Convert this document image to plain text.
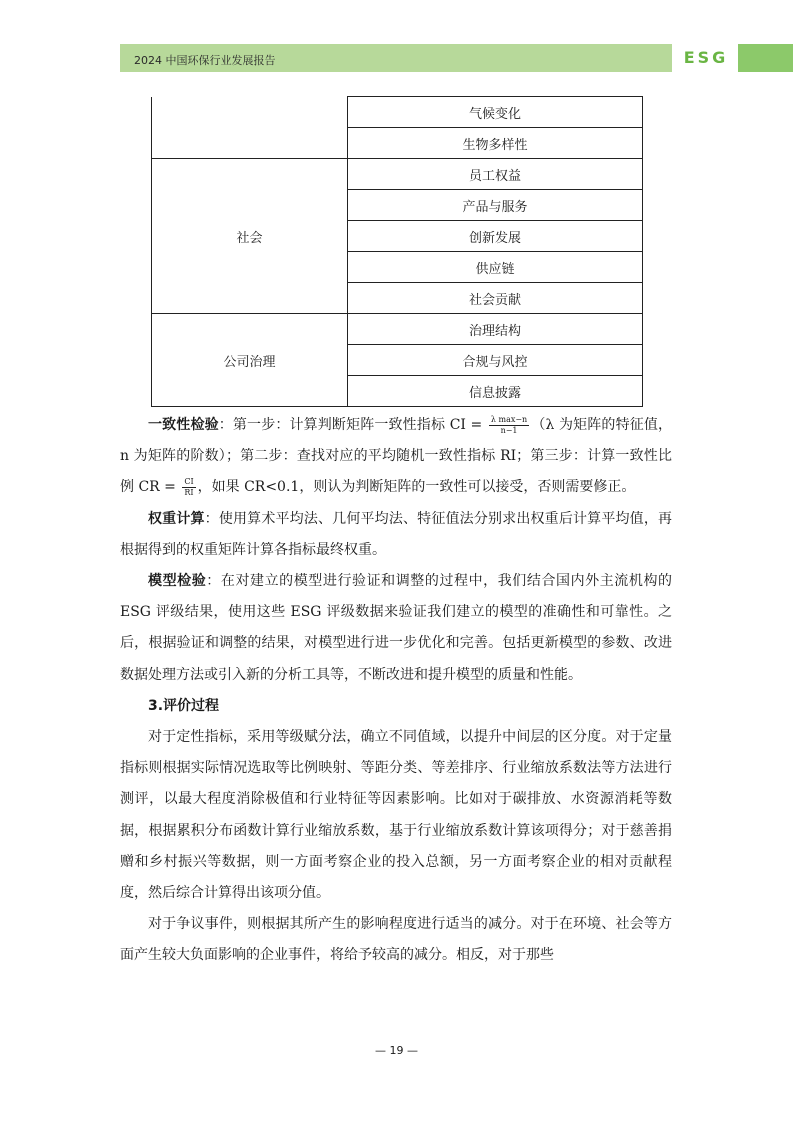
2024 中国环保行业发展报告	ESG
	气候变化
	生物多样性
社会	员工权益
	产品与服务
	创新发展
	供应链
	社会贡献
公司治理	治理结构
	合规与风控
	信息披露

一致性检验：第一步：计算判断矩阵一致性指标 CI = $\frac{\text{λ max−n}}{n-1} (\lambda$ 为矩阵的特征值，n 为矩阵的阶数）；第二步：查找对应的平均随机一致性指标 RI；第三步：计算一致性比例 CR = $\frac{CI}{RI}$ ，如果 CR<0.1，则认为判断矩阵的一致性可以接受，否则需要修正。

权重计算：使用算术平均法、几何平均法、特征值法分别求出权重后计算平均值，再根据得到的权重矩阵计算各指标最终权重。

模型检验：在对建立的模型进行验证和调整的过程中，我们结合国内外主流机构的 ESG 评级结果，使用这些 ESG 评级数据来验证我们建立的模型的准确性和可靠性。之后，根据验证和调整的结果，对模型进行进一步优化和完善。包括更新模型的参数、改进数据处理方法或引入新的分析工具等，不断改进和提升模型的质量和性能。

3.评价过程

对于定性指标，采用等级赋分法，确立不同值域，以提升中间层的区分度。对于定量指标则根据实际情况选取等比例映射、等距分类、等差排序、行业缩放系数法等方法进行测评，以最大程度消除极值和行业特征等因素影响。比如对于碳排放、水资源消耗等数据，根据累积分布函数计算行业缩放系数，基于行业缩放系数计算该项得分；对于慈善捐赠和乡村振兴等数据，则一方面考察企业的投入总额，另一方面考察企业的相对贡献程度，然后综合计算得出该项分值。

对于争议事件，则根据其所产生的影响程度进行适当的减分。对于在环境、社会等方面产生较大负面影响的企业事件，将给予较高的减分。相反，对于那些

— 19 —
